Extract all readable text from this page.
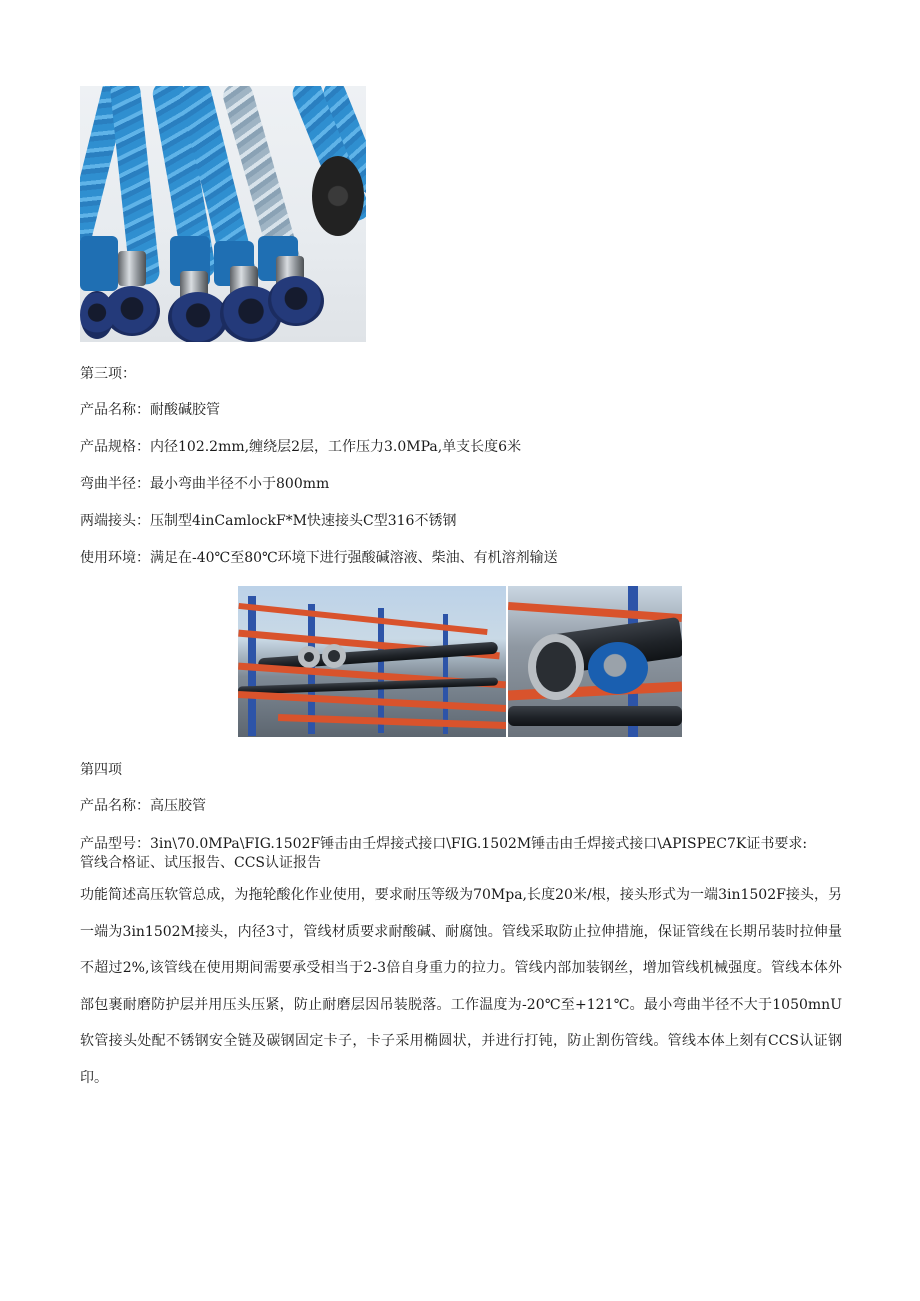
第三项：
产品名称：耐酸碱胶管
产品规格：内径102.2mm,缠绕层2层，工作压力3.0MPa,单支长度6米
弯曲半径：最小弯曲半径不小于800mm
两端接头：压制型4inCamlockF*M快速接头C型316不锈钢
使用环境：满足在-40℃至80℃环境下进行强酸碱溶液、柴油、有机溶剂输送
第四项
产品名称：高压胶管
产品型号：3in\70.0MPa\FIG.1502F锤击由壬焊接式接口\FIG.1502M锤击由壬焊接式接口\APISPEC7K证书要求:
管线合格证、试压报告、CCS认证报告
功能简述高压软管总成，为拖轮酸化作业使用，要求耐压等级为70Mpa,长度20米/根，接头形式为一端3in1502F接头，另一端为3in1502M接头，内径3寸，管线材质要求耐酸碱、耐腐蚀。管线采取防止拉伸措施，保证管线在长期吊装时拉伸量不超过2%,该管线在使用期间需要承受相当于2-3倍自身重力的拉力。管线内部加装钢丝，增加管线机械强度。管线本体外部包裹耐磨防护层并用压头压紧，防止耐磨层因吊装脱落。工作温度为-20℃至+121℃。最小弯曲半径不大于1050mnU软管接头处配不锈钢安全链及碳钢固定卡子，卡子采用椭圆状，并进行打钝，防止割伤管线。管线本体上刻有CCS认证钢印。
